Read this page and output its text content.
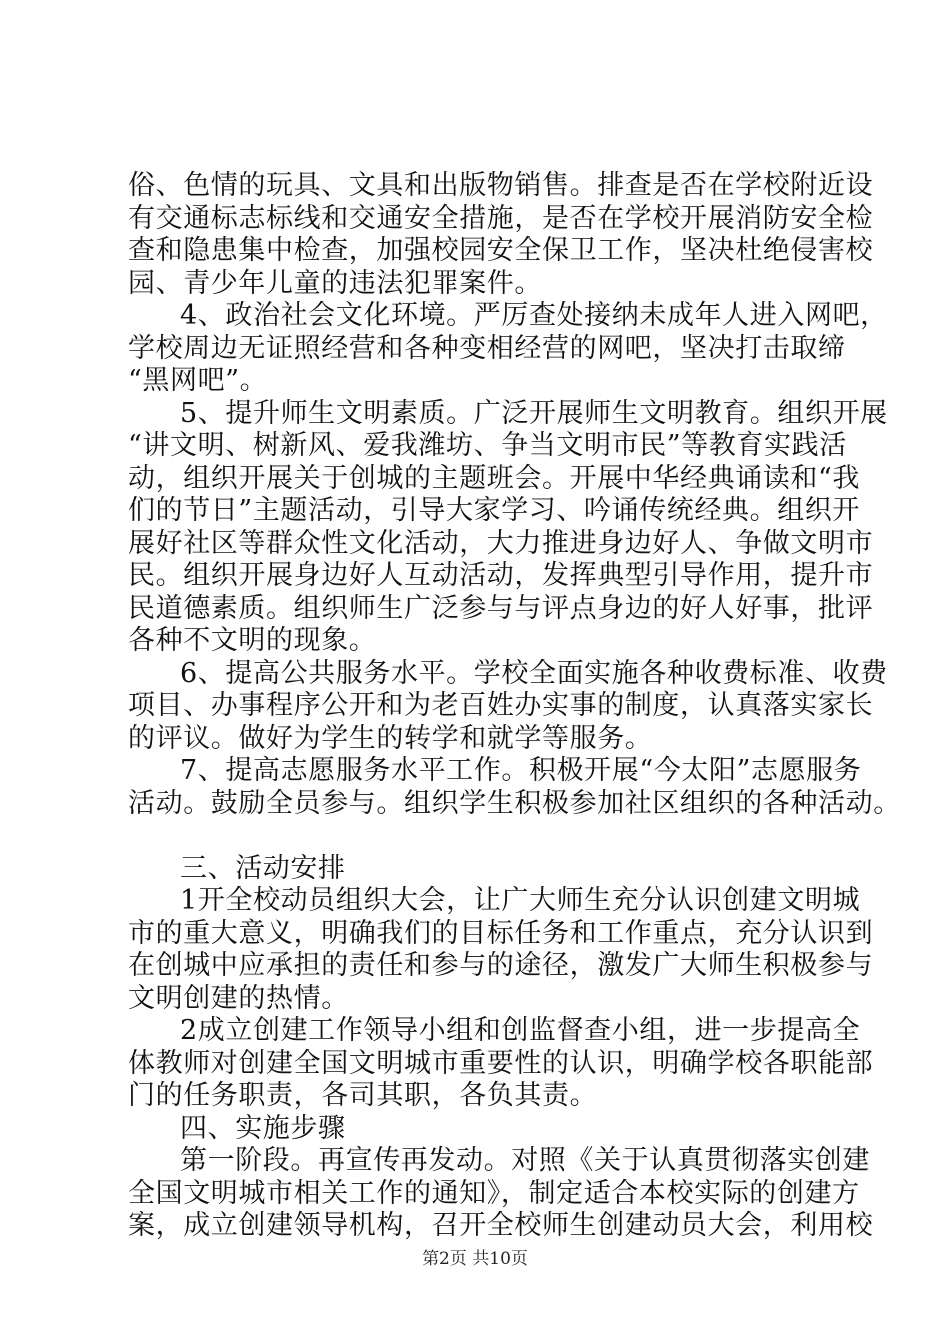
俗、色情的玩具、文具和出版物销售。排查是否在学校附近设
有交通标志标线和交通安全措施，是否在学校开展消防安全检
查和隐患集中检查，加强校园安全保卫工作，坚决杜绝侵害校
园、青少年儿童的违法犯罪案件。
4、政治社会文化环境。严厉查处接纳未成年人进入网吧，
学校周边无证照经营和各种变相经营的网吧，坚决打击取缔
“黑网吧”。
5、提升师生文明素质。广泛开展师生文明教育。组织开展
“讲文明、树新风、爱我潍坊、争当文明市民”等教育实践活
动，组织开展关于创城的主题班会。开展中华经典诵读和“我
们的节日”主题活动，引导大家学习、吟诵传统经典。组织开
展好社区等群众性文化活动，大力推进身边好人、争做文明市
民。组织开展身边好人互动活动，发挥典型引导作用，提升市
民道德素质。组织师生广泛参与与评点身边的好人好事，批评
各种不文明的现象。
6、提高公共服务水平。学校全面实施各种收费标准、收费
项目、办事程序公开和为老百姓办实事的制度，认真落实家长
的评议。做好为学生的转学和就学等服务。
7、提高志愿服务水平工作。积极开展“今太阳”志愿服务
活动。鼓励全员参与。组织学生积极参加社区组织的各种活动。
三、活动安排
1开全校动员组织大会，让广大师生充分认识创建文明城
市的重大意义，明确我们的目标任务和工作重点，充分认识到
在创城中应承担的责任和参与的途径，激发广大师生积极参与
文明创建的热情。
2成立创建工作领导小组和创监督查小组，进一步提高全
体教师对创建全国文明城市重要性的认识，明确学校各职能部
门的任务职责，各司其职，各负其责。
四、实施步骤
第一阶段。再宣传再发动。对照《关于认真贯彻落实创建
全国文明城市相关工作的通知》，制定适合本校实际的创建方
案，成立创建领导机构，召开全校师生创建动员大会，利用校
第2页 共10页
